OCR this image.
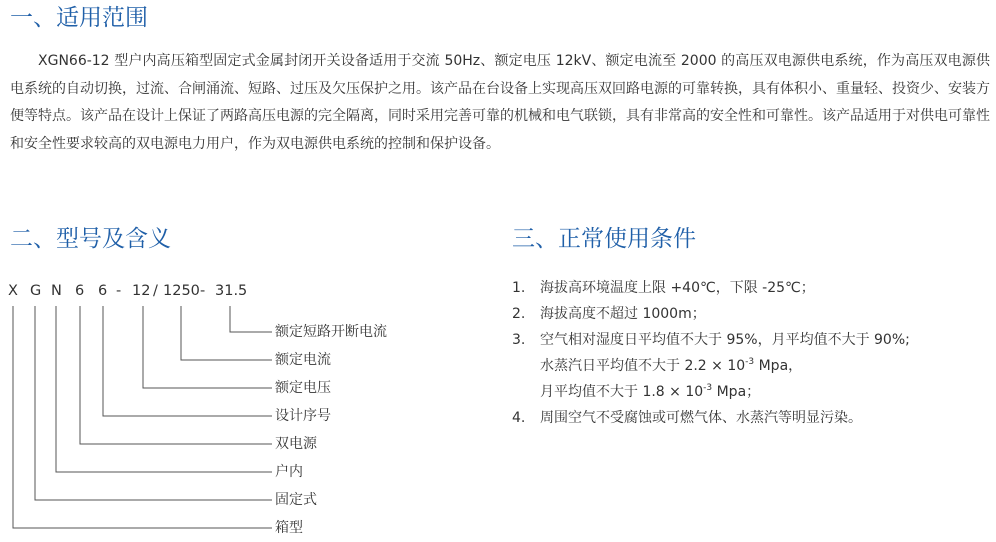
一、适用范围

XGN66-12 型户内高压箱型固定式金属封闭开关设备适用于交流 50Hz、额定电压 12kV、额定电流至 2000 的高压双电源供电系统，作为高压双电源供电系统的自动切换，过流、合闸涌流、短路、过压及欠压保护之用。该产品在台设备上实现高压双回路电源的可靠转换，具有体积小、重量轻、投资少、安装方便等特点。该产品在设计上保证了两路高压电源的完全隔离，同时采用完善可靠的机械和电气联锁，具有非常高的安全性和可靠性。该产品适用于对供电可靠性和安全性要求较高的双电源电力用户，作为双电源供电系统的控制和保护设备。

二、型号及含义
X G N 6 6 - 12 / 1250 - 31.5
额定短路开断电流
额定电流
额定电压
设计序号
双电源
户内
固定式
箱型
三、正常使用条件
1. 海拔高环境温度上限 +40℃，下限 -25℃；
2. 海拔高度不超过 1000m；
3. 空气相对湿度日平均值不大于 95%，月平均值不大于 90%;
水蒸汽日平均值不大于 $2.2 \times 10^{-3}$ Mpa，
月平均值不大于 $1.8 \times 10^{-3}$ Mpa；
4. 周围空气不受腐蚀或可燃气体、水蒸汽等明显污染。
